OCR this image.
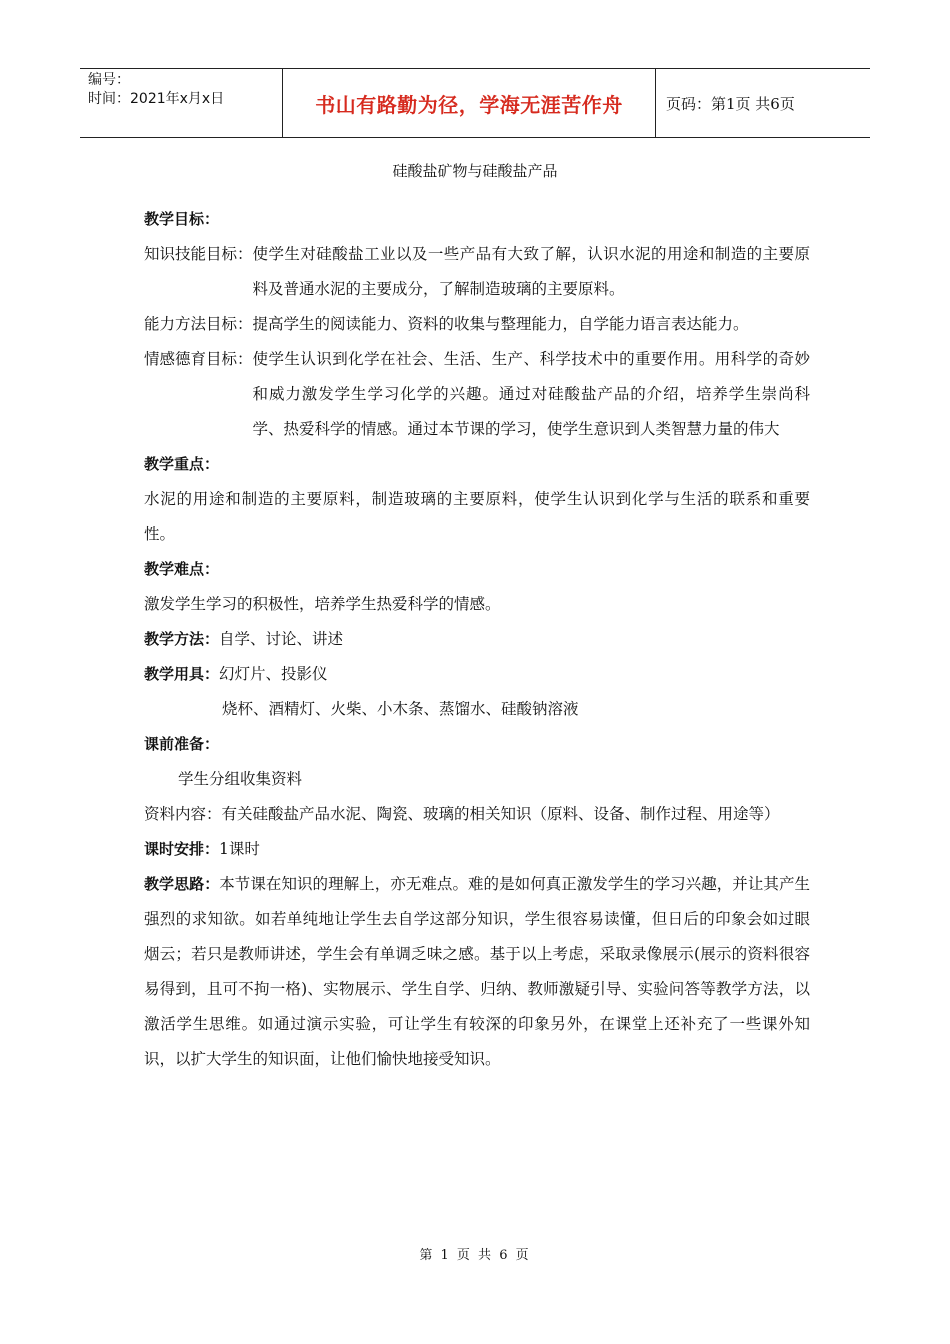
编号：
时间：2021年x月x日	书山有路勤为径，学海无涯苦作舟	页码：第1页 共6页
硅酸盐矿物与硅酸盐产品

教学目标：

知识技能目标： 使学生对硅酸盐工业以及一些产品有大致了解，认识水泥的用途和制造的主要原料及普通水泥的主要成分，了解制造玻璃的主要原料。
能力方法目标： 提高学生的阅读能力、资料的收集与整理能力，自学能力语言表达能力。
情感德育目标： 使学生认识到化学在社会、生活、生产、科学技术中的重要作用。用科学的奇妙和威力激发学生学习化学的兴趣。通过对硅酸盐产品的介绍，培养学生崇尚科学、热爱科学的情感。通过本节课的学习，使学生意识到人类智慧力量的伟大

教学重点：

水泥的用途和制造的主要原料，制造玻璃的主要原料，使学生认识到化学与生活的联系和重要性。

教学难点：

激发学生学习的积极性，培养学生热爱科学的情感。

教学方法：自学、讨论、讲述

教学用具：幻灯片、投影仪

烧杯、酒精灯、火柴、小木条、蒸馏水、硅酸钠溶液

课前准备：

学生分组收集资料

资料内容：有关硅酸盐产品水泥、陶瓷、玻璃的相关知识（原料、设备、制作过程、用途等）

课时安排：1课时

教学思路：本节课在知识的理解上，亦无难点。难的是如何真正激发学生的学习兴趣，并让其产生强烈的求知欲。如若单纯地让学生去自学这部分知识，学生很容易读懂，但日后的印象会如过眼烟云；若只是教师讲述，学生会有单调乏味之感。基于以上考虑，采取录像展示(展示的资料很容易得到，且可不拘一格)、实物展示、学生自学、归纳、教师激疑引导、实验问答等教学方法，以激活学生思维。如通过演示实验，可让学生有较深的印象另外，在课堂上还补充了一些课外知识，以扩大学生的知识面，让他们愉快地接受知识。

第 1 页 共 6 页
